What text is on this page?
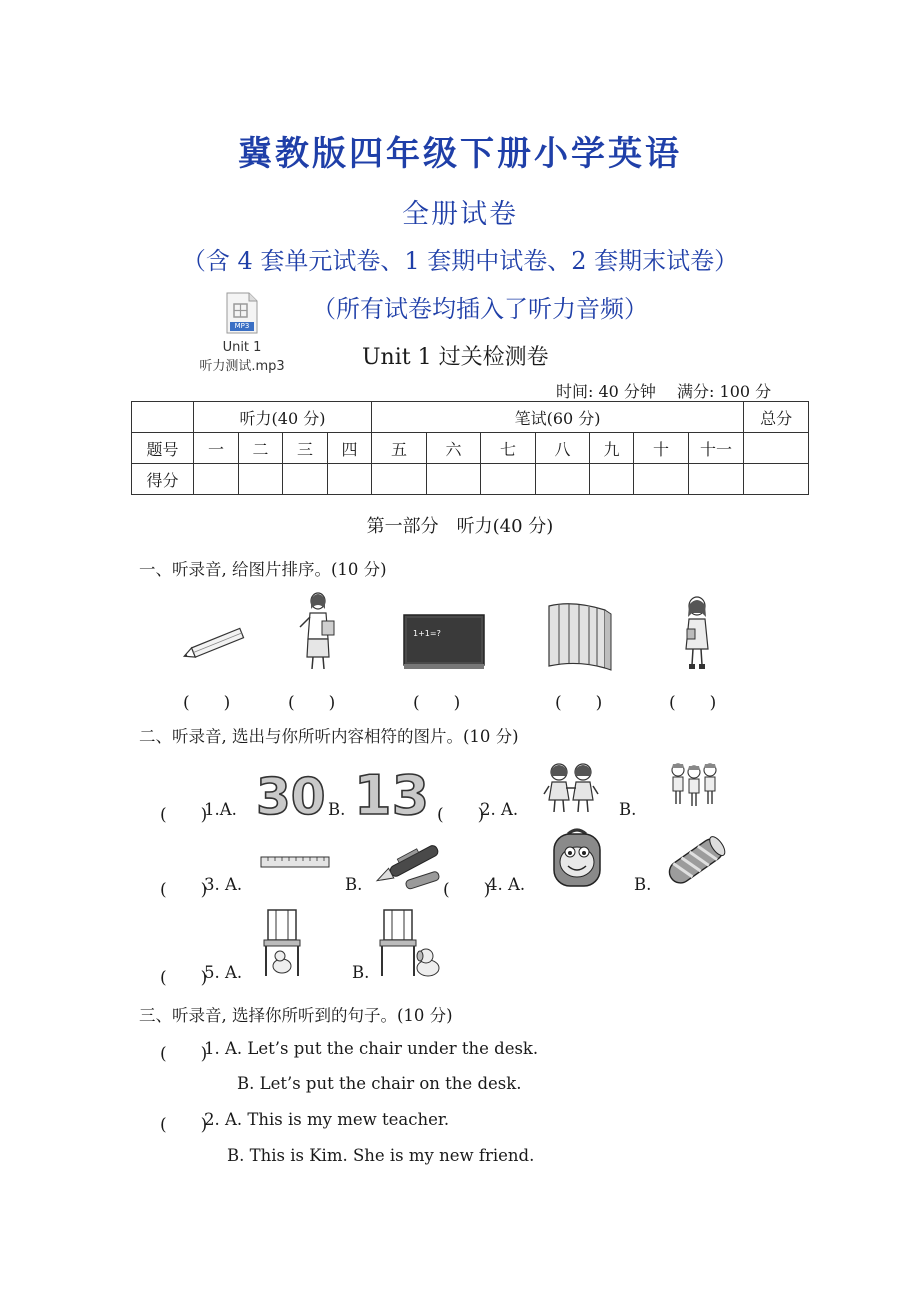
冀教版四年级下册小学英语
全册试卷
（含 4 套单元试卷、1 套期中试卷、2 套期末试卷）
（所有试卷均插入了听力音频）
MP3
Unit 1
听力测试.mp3	Unit 1 过关检测卷
时间: 40 分钟　 满分: 100 分
	听力(40 分)				笔试(60 分)							总分
题号	一	二	三	四	五	六	七	八	九	十	十一	
得分												
第一部分　听力(40 分)
一、听录音, 给图片排序。(10 分)
1+1=?
(　　)	(　　)	(　　)	(　　)	(　　)
二、听录音, 选出与你所听内容相符的图片。(10 分)
(　　)
1.A. 30 B. 13 (　　)
2. A.	B.
(　　)
3. A.	B.	(　　)
4. A.	B.
(　　)
5. A.	B.
三、听录音, 选择你所听到的句子。(10 分)
(　　)
1. A. Let’s put the chair under the desk.
B. Let’s put the chair on the desk.
(　　)
2. A. This is my mew teacher.
B. This is Kim. She is my new friend.
